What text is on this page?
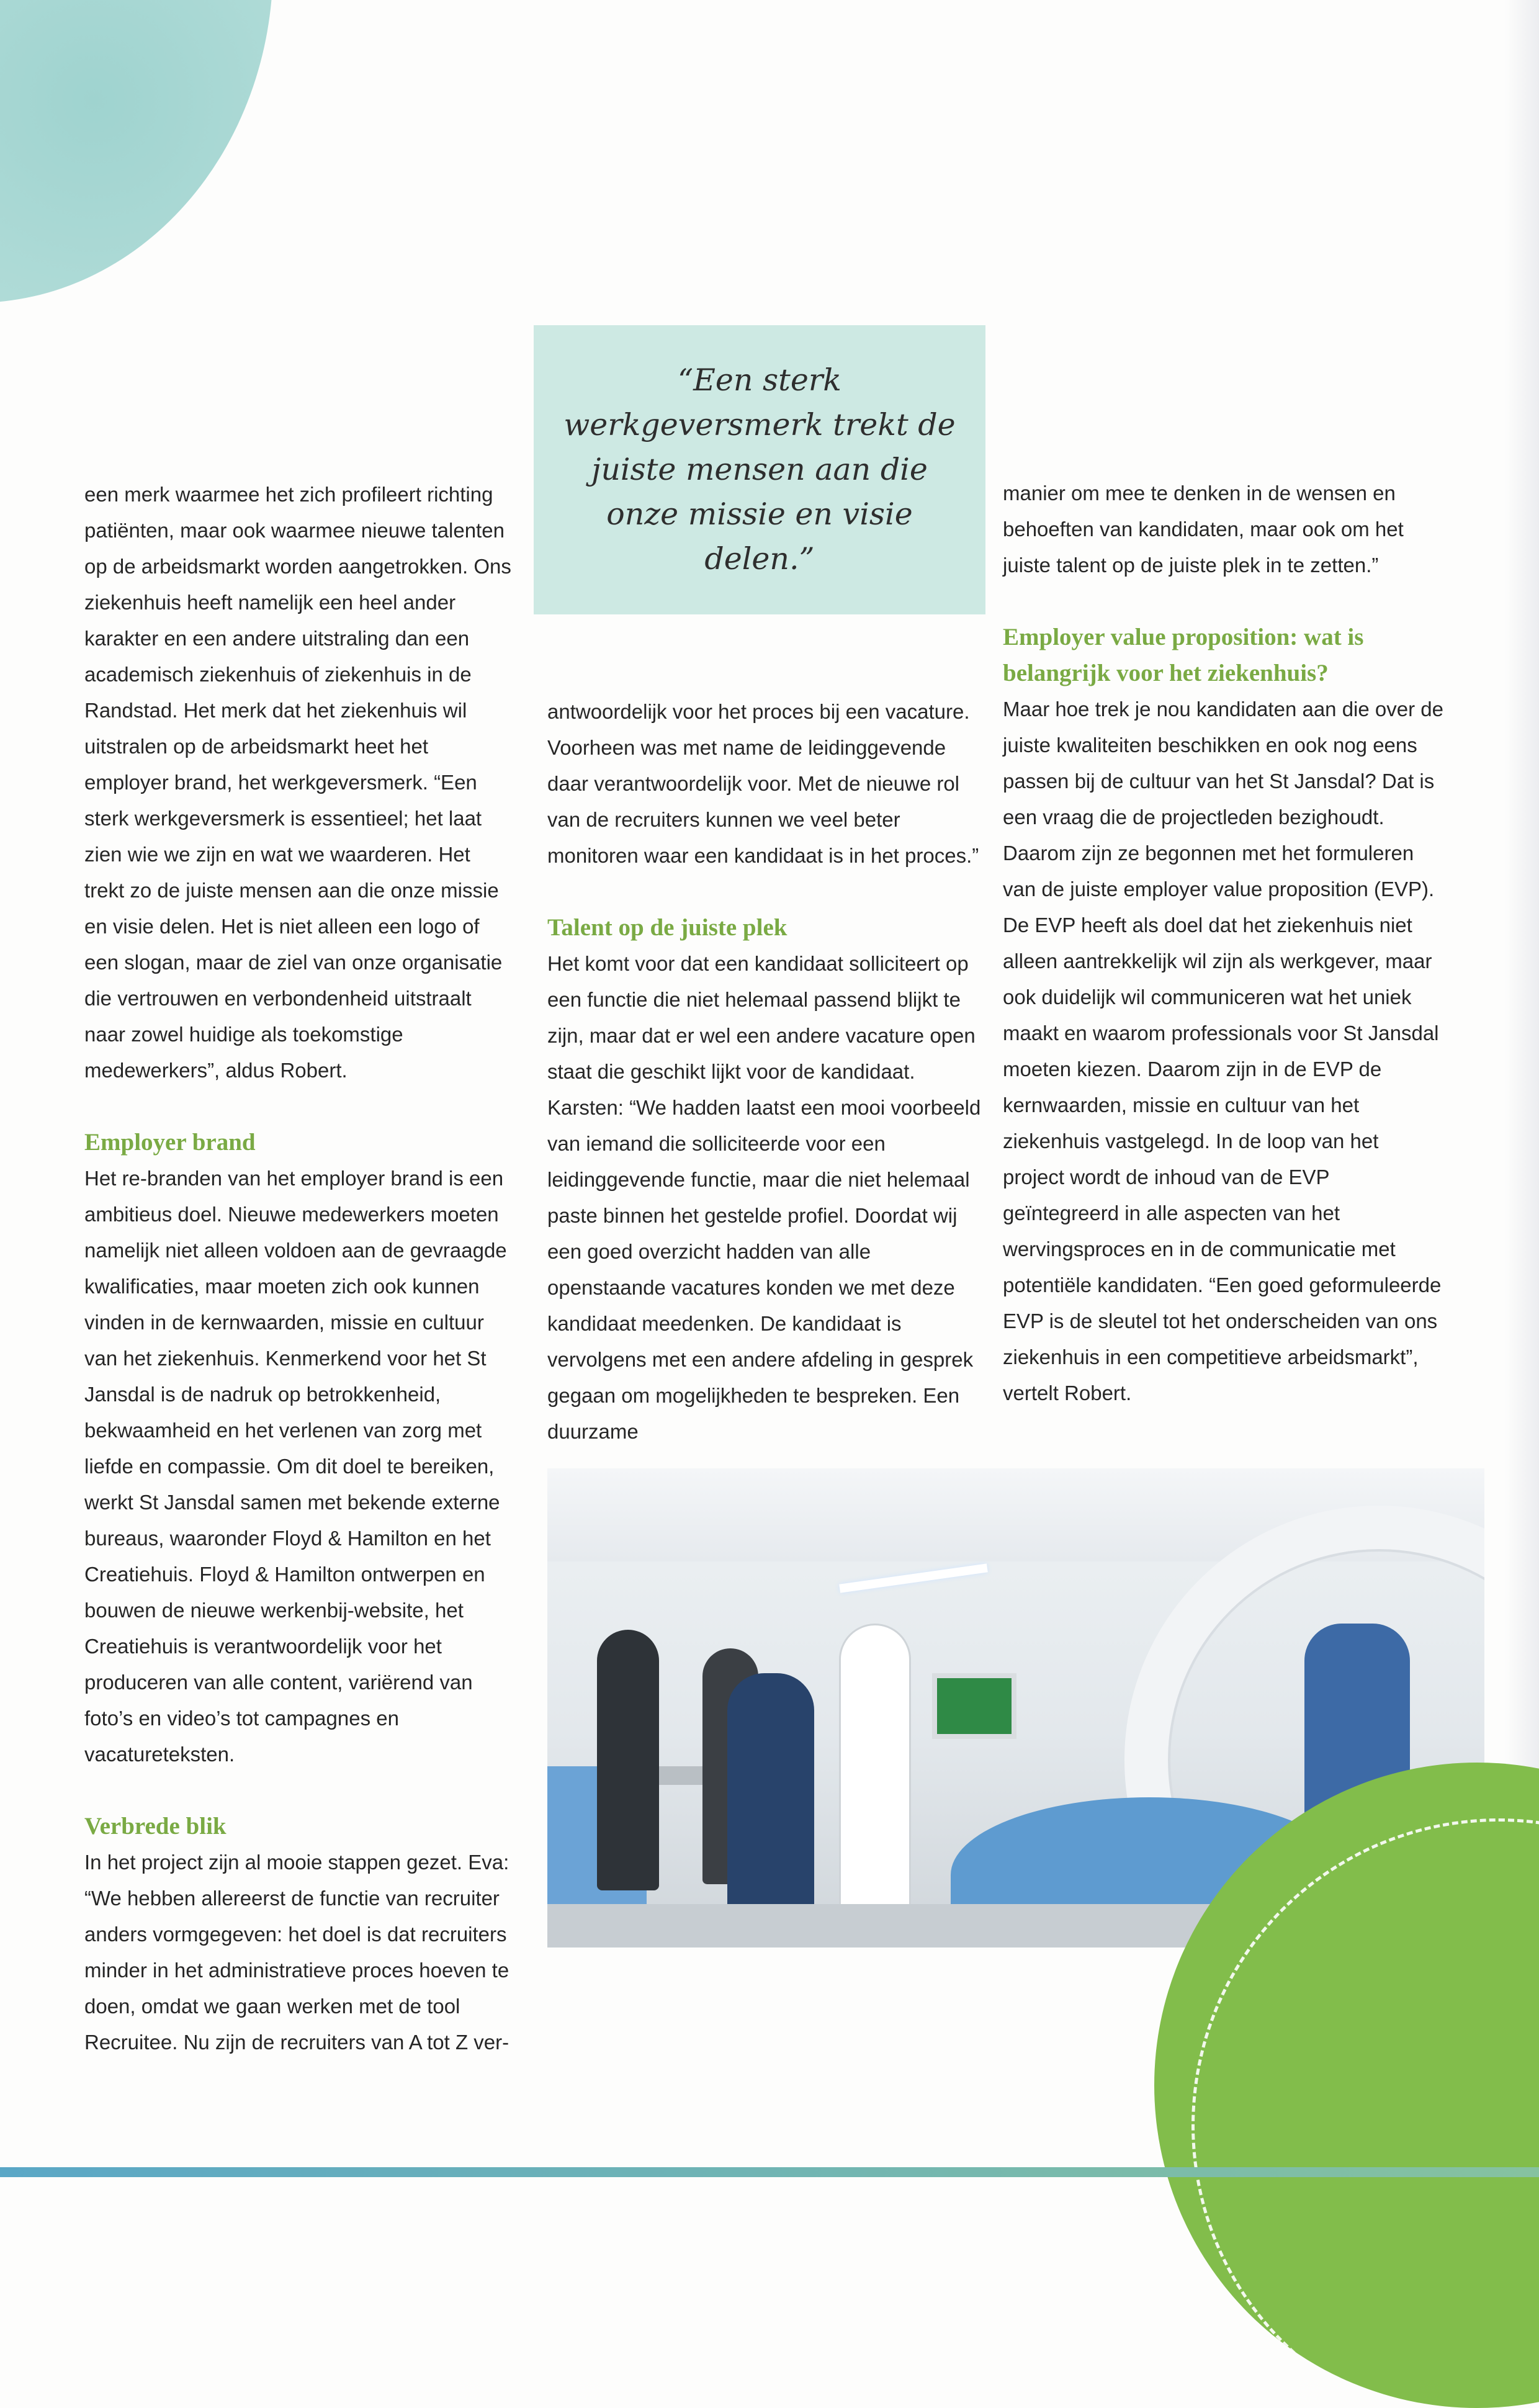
“Een sterk werkgeversmerk trekt de juiste mensen aan die onze missie en visie delen.”

een merk waarmee het zich profileert richting patiënten, maar ook waarmee nieuwe talenten op de arbeidsmarkt worden aangetrokken. Ons ziekenhuis heeft namelijk een heel ander karakter en een andere uitstraling dan een academisch ziekenhuis of ziekenhuis in de Randstad. Het merk dat het ziekenhuis wil uitstralen op de arbeidsmarkt heet het employer brand, het werkgeversmerk. “Een sterk werkgeversmerk is essentieel; het laat zien wie we zijn en wat we waarderen. Het trekt zo de juiste mensen aan die onze missie en visie delen. Het is niet alleen een logo of een slogan, maar de ziel van onze organisatie die vertrouwen en verbondenheid uitstraalt naar zowel huidige als toekomstige medewerkers”, aldus Robert.

Employer brand

Het re-branden van het employer brand is een ambitieus doel. Nieuwe medewerkers moeten namelijk niet alleen voldoen aan de gevraagde kwalificaties, maar moeten zich ook kunnen vinden in de kernwaarden, missie en cultuur van het ziekenhuis. Kenmerkend voor het St Jansdal is de nadruk op betrokkenheid, bekwaamheid en het verlenen van zorg met liefde en compassie. Om dit doel te bereiken, werkt St Jansdal samen met bekende externe bureaus, waaronder Floyd & Hamilton en het Creatiehuis. Floyd & Hamilton ontwerpen en bouwen de nieuwe werkenbij-website, het Creatiehuis is verantwoordelijk voor het produceren van alle content, variërend van foto’s en video’s tot campagnes en vacatureteksten.

Verbrede blik

In het project zijn al mooie stappen gezet. Eva: “We hebben allereerst de functie van recruiter anders vormgegeven: het doel is dat recruiters minder in het administratieve proces hoeven te doen, omdat we gaan werken met de tool Recruitee. Nu zijn de recruiters van A tot Z ver-

antwoordelijk voor het proces bij een vacature. Voorheen was met name de leidinggevende daar verantwoordelijk voor. Met de nieuwe rol van de recruiters kunnen we veel beter monitoren waar een kandidaat is in het proces.”

Talent op de juiste plek

Het komt voor dat een kandidaat solliciteert op een functie die niet helemaal passend blijkt te zijn, maar dat er wel een andere vacature open staat die geschikt lijkt voor de kandidaat. Karsten: “We hadden laatst een mooi voorbeeld van iemand die solliciteerde voor een leidinggevende functie, maar die niet helemaal paste binnen het gestelde profiel. Doordat wij een goed overzicht hadden van alle openstaande vacatures konden we met deze kandidaat meedenken. De kandidaat is vervolgens met een andere afdeling in gesprek gegaan om mogelijkheden te bespreken. Een duurzame

manier om mee te denken in de wensen en behoeften van kandidaten, maar ook om het juiste talent op de juiste plek in te zetten.”

Employer value proposition: wat is belangrijk voor het ziekenhuis?

Maar hoe trek je nou kandidaten aan die over de juiste kwaliteiten beschikken en ook nog eens passen bij de cultuur van het St Jansdal? Dat is een vraag die de projectleden bezighoudt. Daarom zijn ze begonnen met het formuleren van de juiste employer value proposition (EVP). De EVP heeft als doel dat het ziekenhuis niet alleen aantrekkelijk wil zijn als werkgever, maar ook duidelijk wil communiceren wat het uniek maakt en waarom professionals voor St Jansdal moeten kiezen. Daarom zijn in de EVP de kernwaarden, missie en cultuur van het ziekenhuis vastgelegd. In de loop van het project wordt de inhoud van de EVP geïntegreerd in alle aspecten van het wervingsproces en in de communicatie met potentiële kandidaten. “Een goed geformuleerde EVP is de sleutel tot het onderscheiden van ons ziekenhuis in een competitieve arbeidsmarkt”, vertelt Robert.
